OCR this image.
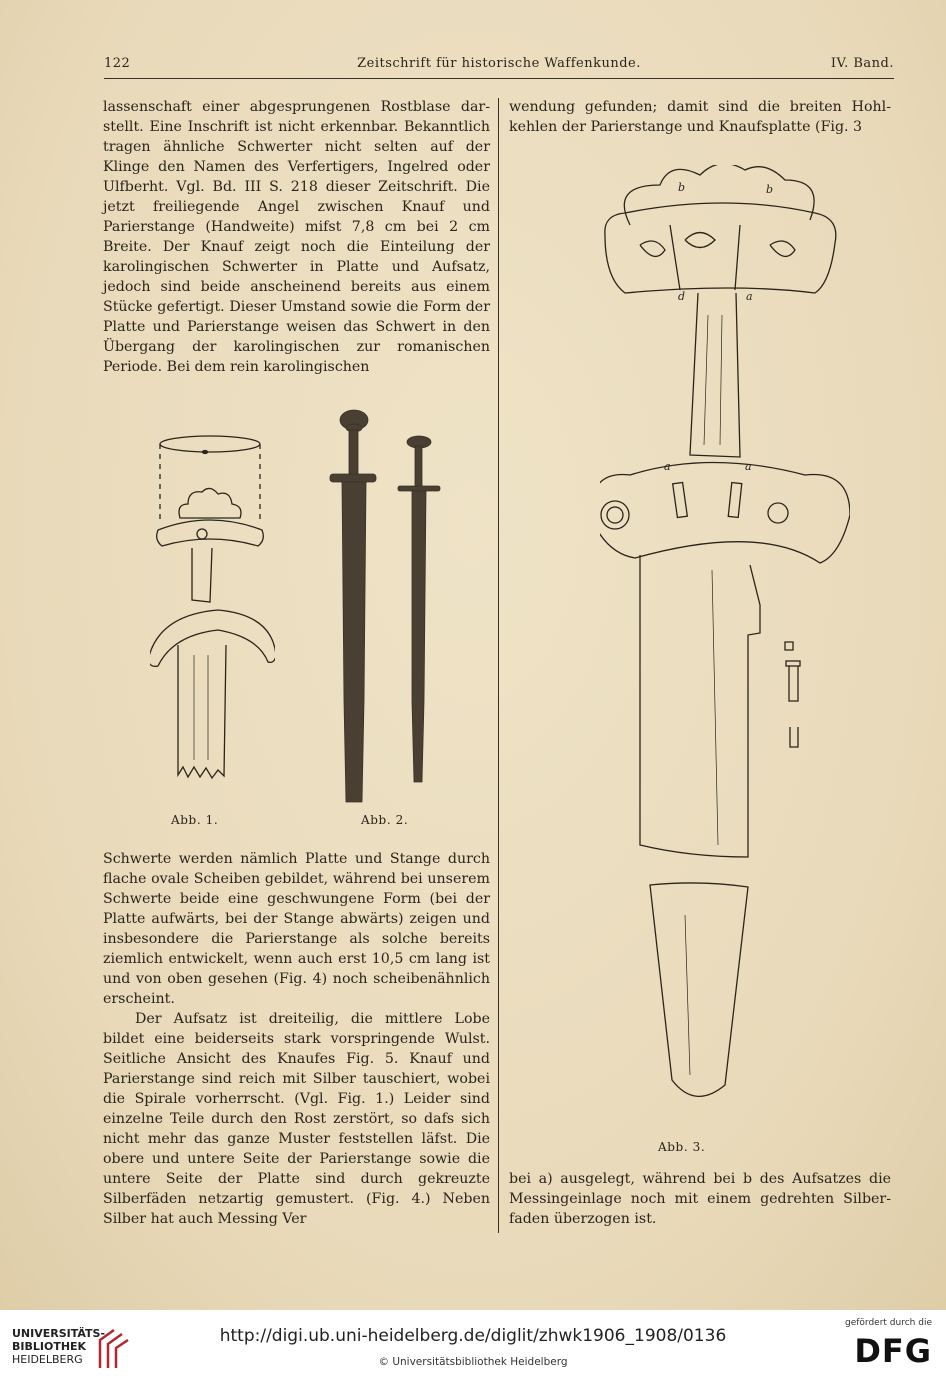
122	Zeitschrift für historische Waffenkunde.	IV. Band.

lassenschaft einer abgesprungenen Rostblase darstellt. Eine Inschrift ist nicht erkennbar. Bekanntlich tragen ähnliche Schwerter nicht selten auf der Klinge den Namen des Verfertigers, Ingelred oder Ulfberht. Vgl. Bd. III S. 218 dieser Zeitschrift. Die jetzt freiliegende Angel zwischen Knauf und Parierstange (Handweite) mifst 7,8 cm bei 2 cm Breite. Der Knauf zeigt noch die Einteilung der karolingischen Schwerter in Platte und Aufsatz, jedoch sind beide anscheinend bereits aus einem Stücke gefertigt. Dieser Umstand sowie die Form der Platte und Parierstange weisen das Schwert in den Übergang der karolingischen zur romanischen Periode. Bei dem rein karolingischen

Abb. 1.	Abb. 2.

Schwerte werden nämlich Platte und Stange durch flache ovale Scheiben gebildet, während bei unserem Schwerte beide eine geschwungene Form (bei der Platte aufwärts, bei der Stange abwärts) zeigen und insbesondere die Parierstange als solche bereits ziemlich entwickelt, wenn auch erst 10,5 cm lang ist und von oben gesehen (Fig. 4) noch scheibenähnlich erscheint.

Der Aufsatz ist dreiteilig, die mittlere Lobe bildet eine beiderseits stark vorspringende Wulst. Seitliche Ansicht des Knaufes Fig. 5. Knauf und Parierstange sind reich mit Silber tauschiert, wobei die Spirale vorherrscht. (Vgl. Fig. 1.) Leider sind einzelne Teile durch den Rost zerstört, so dafs sich nicht mehr das ganze Muster feststellen läfst. Die obere und untere Seite der Parierstange sowie die untere Seite der Platte sind durch gekreuzte Silberfäden netzartig gemustert. (Fig. 4.) Neben Silber hat auch Messing Ver

wendung gefunden; damit sind die breiten Hohlkehlen der Parierstange und Knaufsplatte (Fig. 3

b	b
d	a
a	a
Abb. 3.

bei a) ausgelegt, während bei b des Aufsatzes die Messingeinlage noch mit einem gedrehten Silberfaden überzogen ist.

UNIVERSITÄTS-
BIBLIOTHEK
HEIDELBERG
http://digi.ub.uni-heidelberg.de/diglit/zhwk1906_1908/0136
© Universitätsbibliothek Heidelberg
gefördert durch die
DFG
